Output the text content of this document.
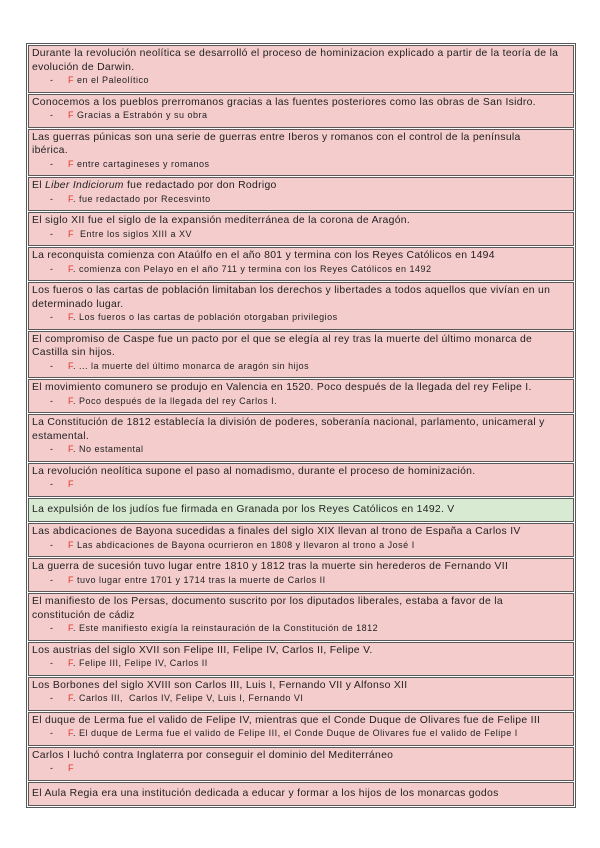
Durante la revolución neolítica se desarrolló el proceso de hominizacion explicado a partir de la teoría de la
evolución de Darwin.
- F en el Paleolítico
Conocemos a los pueblos prerromanos gracias a las fuentes posteriores como las obras de San Isidro.
- F Gracias a Estrabón y su obra
Las guerras púnicas son una serie de guerras entre Iberos y romanos con el control de la península
ibérica.
- F entre cartagineses y romanos
El Liber Indiciorum fue redactado por don Rodrigo
- F. fue redactado por Recesvinto
El siglo XII fue el siglo de la expansión mediterránea de la corona de Aragón.
- F  Entre los siglos XIII a XV
La reconquista comienza con Ataúlfo en el año 801 y termina con los Reyes Católicos en 1494
- F. comienza con Pelayo en el año 711 y termina con los Reyes Católicos en 1492
Los fueros o las cartas de población limitaban los derechos y libertades a todos aquellos que vivían en un
determinado lugar.
- F. Los fueros o las cartas de población otorgaban privilegios
El compromiso de Caspe fue un pacto por el que se elegía al rey tras la muerte del último monarca de
Castilla sin hijos.
- F. ... la muerte del último monarca de aragón sin hijos
El movimiento comunero se produjo en Valencia en 1520. Poco después de la llegada del rey Felipe I.
- F. Poco después de la llegada del rey Carlos I.
La Constitución de 1812 establecía la división de poderes, soberanía nacional, parlamento, unicameral y
estamental.
- F. No estamental
La revolución neolítica supone el paso al nomadismo, durante el proceso de hominización.
- F
La expulsión de los judíos fue firmada en Granada por los Reyes Católicos en 1492. V
Las abdicaciones de Bayona sucedidas a finales del siglo XIX llevan al trono de España a Carlos IV
- F Las abdicaciones de Bayona ocurrieron en 1808 y llevaron al trono a José I
La guerra de sucesión tuvo lugar entre 1810 y 1812 tras la muerte sin herederos de Fernando VII
- F tuvo lugar entre 1701 y 1714 tras la muerte de Carlos II
El manifiesto de los Persas, documento suscrito por los diputados liberales, estaba a favor de la
constitución de cádiz
- F. Este manifiesto exigía la reinstauración de la Constitución de 1812
Los austrias del siglo XVII son Felipe III, Felipe IV, Carlos II, Felipe V.
- F. Felipe III, Felipe IV, Carlos II
Los Borbones del siglo XVIII son Carlos III, Luis I, Fernando VII y Alfonso XII
- F. Carlos III,  Carlos IV, Felipe V, Luis I, Fernando VI
El duque de Lerma fue el valido de Felipe IV, mientras que el Conde Duque de Olivares fue de Felipe III
- F. El duque de Lerma fue el valido de Felipe III, el Conde Duque de Olivares fue el valido de Felipe I
Carlos I luchó contra Inglaterra por conseguir el dominio del Mediterráneo
- F
El Aula Regia era una institución dedicada a educar y formar a los hijos de los monarcas godos
